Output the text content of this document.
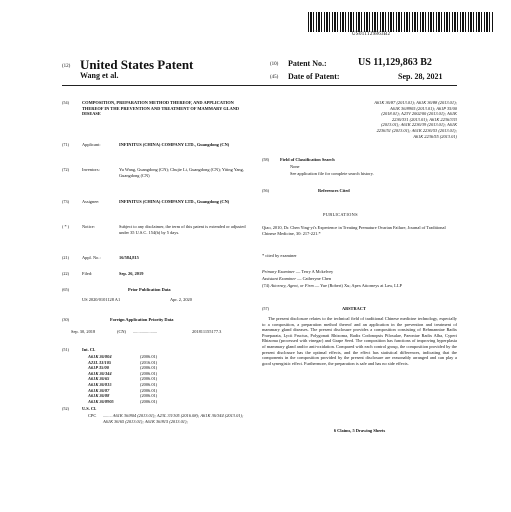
US011129863B2
(12) United States Patent
Wang et al.
(10) Patent No.:	US 11,129,863 B2
(45) Date of Patent:	Sep. 28, 2021
(54)	COMPOSITION, PREPARATION METHOD THEREOF, AND APPLICATION THEREOF IN THE PREVENTION AND TREATMENT OF MAMMARY GLAND DISEASE
(71)	Applicant:	INFINITUS (CHINA) COMPANY LTD., Guangdong (CN)
(72)	Inventors:	Yu Wang, Guangdong (CN); Chujie Li, Guangdong (CN); Yiting Yang, Guangdong (CN)
(73)	Assignee:	INFINITUS (CHINA) COMPANY LTD., Guangdong (CN)
( * )	Notice:	Subject to any disclaimer, the term of this patent is extended or adjusted under 35 U.S.C. 154(b) by 5 days.
(21)	Appl. No.:	16/584,815
(22)	Filed:	Sep. 26, 2019
(65)	Prior Publication Data
US 2020/0101128 A1	Apr. 2, 2020
(30)	Foreign Application Priority Data
Sep. 30, 2018	(CN) ......................	201811155177.3
(51)	Int. Cl.
A61K 36/804	(2006.01)
A23L 33/105	(2016.01)
A61P 35/00	(2006.01)
A61K 36/344	(2006.01)
A61K 36/65	(2006.01)
A61K 36/815	(2006.01)
A61K 36/87	(2006.01)
A61K 36/88	(2006.01)
A61K 36/8905	(2006.01)
(52)	U.S. Cl.
CPC ........ A61K 36/804 (2013.01); A23L 33/105 (2016.08); A61K 36/344 (2013.01); A61K 36/65 (2013.01); A61K 36/815 (2013.01);
A61K 36/87 (2013.01); A61K 36/88 (2013.01);
A61K 36/8905 (2013.01); A61P 35/00
(2018.01); A23V 2002/00 (2013.01); A61K
2236/331 (2013.01); A61K 2236/333
(2013.01); A61K 2236/39 (2013.01); A61K
2236/51 (2013.01); A61K 2236/53 (2013.01);
A61K 2236/55 (2013.01)
(58)	Field of Classification Search
None
See application file for complete search history.
(56)	References Cited
PUBLICATIONS
Qiao, 2010, Dr. Chen Ying-yi's Experience in Treating Premature Ovarian Failure, Journal of Traditional Chinese Medicine, 30: 217-221.*
* cited by examiner
Primary Examiner — Terry A Mckelvey
Assistant Examiner — Catheryne Chen
(74) Attorney, Agent, or Firm — Yue (Robert) Xu; Apex Attorneys at Law, LLP
(57)	ABSTRACT
The present disclosure relates to the technical field of traditional Chinese medicine technology, especially to a composition, a preparation method thereof and an application in the prevention and treatment of mammary gland diseases. The present disclosure provides a composition consisting of Rehmanniae Radix Praeparata, Lycii Fructus, Polygonati Rhizoma, Radix Codonopsis Pilosulae, Paeoniae Radix Alba, Cyperi Rhizoma (processed with vinegar) and Grape Seed. The composition has functions of improving hyperplasia of mammary gland and/or anti-oxidation. Compared with each control group, the composition provided by the present disclosure has the optimal effects, and the effect has statistical differences, indicating that the components in the composition provided by the present disclosure are reasonably arranged and can play a good synergistic effect. Furthermore, the preparation is safe and has no side effects.
6 Claims, 5 Drawing Sheets
